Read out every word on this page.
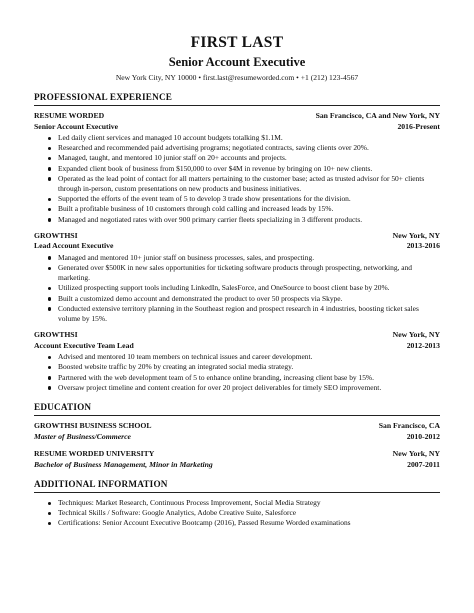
FIRST LAST
Senior Account Executive
New York City, NY 10000 • first.last@resumeworded.com • +1 (212) 123-4567
PROFESSIONAL EXPERIENCE
RESUME WORDED	San Francisco, CA and New York, NY
Senior Account Executive	2016-Present
Led daily client services and managed 10 account budgets totalking $1.1M.
Researched and recommended paid advertising programs; negotiated contracts, saving clients over 20%.
Managed, taught, and mentored 10 junior staff on 20+ accounts and projects.
Expanded client book of business from $150,000 to over $4M in revenue by bringing on 10+ new clients.
Operated as the lead point of contact for all matters pertaining to the customer base; acted as trusted advisor for 50+ clients through in-person, custom presentations on new products and business initiatives.
Supported the efforts of the event team of 5 to develop 3 trade show presentations for the division.
Built a profitable business of 10 customers through cold calling and increased leads by 15%.
Managed and negotiated rates with over 900 primary carrier fleets specializing in 3 different products.
GROWTHSI	New York, NY
Lead Account Executive	2013-2016
Managed and mentored 10+ junior staff on business processes, sales, and prospecting.
Generated over $500K in new sales opportunities for ticketing software products through prospecting, networking, and marketing.
Utilized prospecting support tools including LinkedIn, SalesForce, and OneSource to boost client base by 20%.
Built a customized demo account and demonstrated the product to over 50 prospects via Skype.
Conducted extensive territory planning in the Southeast region and prospect research in 4 industries, boosting ticket sales volume by 15%.
GROWTHSI	New York, NY
Account Executive Team Lead	2012-2013
Advised and mentored 10 team members on technical issues and career development.
Boosted website traffic by 20% by creating an integrated social media strategy.
Partnered with the web development team of 5 to enhance online branding, increasing client base by 15%.
Oversaw project timeline and content creation for over 20 project deliverables for timely SEO improvement.
EDUCATION
GROWTHSI BUSINESS SCHOOL	San Francisco, CA
Master of Business/Commerce	2010-2012
RESUME WORDED UNIVERSITY	New York, NY
Bachelor of Business Management, Minor in Marketing	2007-2011
ADDITIONAL INFORMATION
Techniques: Market Research, Continuous Process Improvement, Social Media Strategy
Technical Skills / Software: Google Analytics, Adobe Creative Suite, Salesforce
Certifications: Senior Account Executive Bootcamp (2016), Passed Resume Worded examinations
